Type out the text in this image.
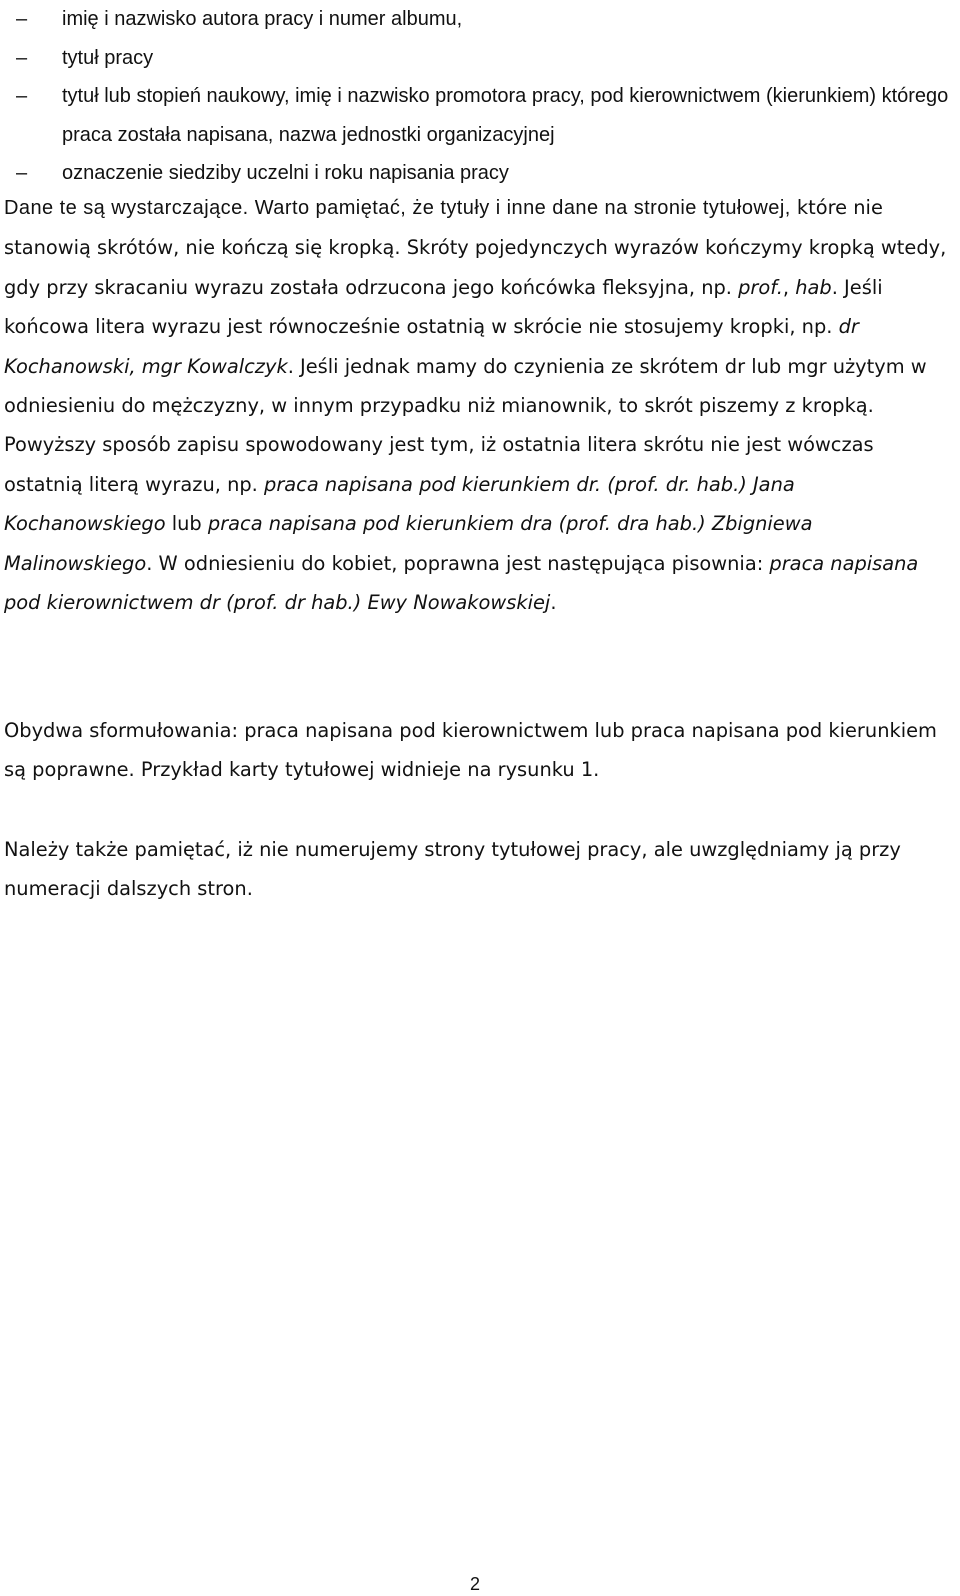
–	imię i nazwisko autora pracy i numer albumu,
–	tytuł pracy
–	tytuł lub stopień naukowy, imię i nazwisko promotora pracy, pod kierownictwem (kierunkiem) którego praca została napisana, nazwa jednostki organizacyjnej
–	oznaczenie siedziby uczelni i roku napisania pracy

Dane te są wystarczające. Warto pamiętać, że tytuły i inne dane na stronie tytułowej, które nie stanowią skrótów, nie kończą się kropką. Skróty pojedynczych wyrazów kończymy kropką wtedy, gdy przy skracaniu wyrazu została odrzucona jego końcówka fleksyjna, np. prof., hab. Jeśli końcowa litera wyrazu jest równocześnie ostatnią w skrócie nie stosujemy kropki, np. dr Kochanowski, mgr Kowalczyk. Jeśli jednak mamy do czynienia ze skrótem dr lub mgr użytym w odniesieniu do mężczyzny, w innym przypadku niż mianownik, to skrót piszemy z kropką. Powyższy sposób zapisu spowodowany jest tym, iż ostatnia litera skrótu nie jest wówczas ostatnią literą wyrazu, np. praca napisana pod kierunkiem dr. (prof. dr. hab.) Jana Kochanowskiego lub praca napisana pod kierunkiem dra (prof. dra hab.) Zbigniewa Malinowskiego. W odniesieniu do kobiet, poprawna jest następująca pisownia: praca napisana pod kierownictwem dr (prof. dr hab.) Ewy Nowakowskiej.

Obydwa sformułowania: praca napisana pod kierownictwem lub praca napisana pod kierunkiem są poprawne. Przykład karty tytułowej widnieje na rysunku 1.

Należy także pamiętać, iż nie numerujemy strony tytułowej pracy, ale uwzględniamy ją przy numeracji dalszych stron.

2
